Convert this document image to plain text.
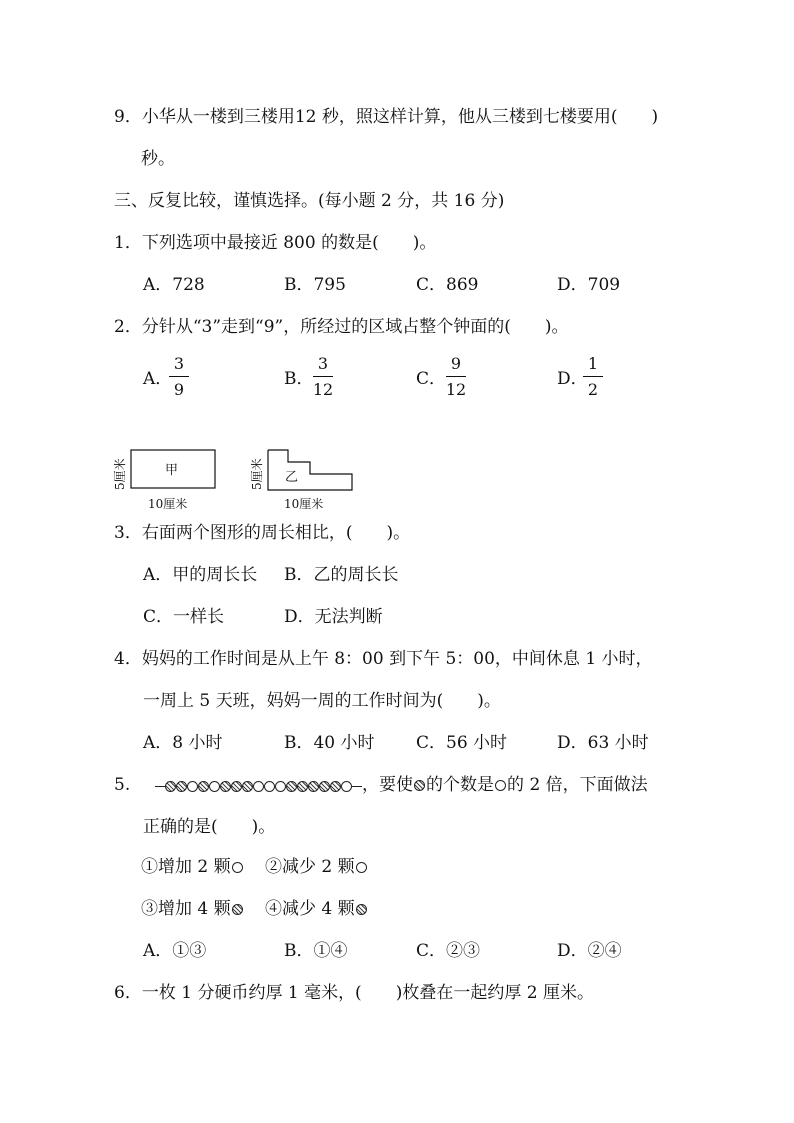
9．小华从一楼到三楼用12 秒，照这样计算，他从三楼到七楼要用(　　)
秒。
三、反复比较，谨慎选择。(每小题 2 分，共 16 分)
1．下列选项中最接近 800 的数是(　　)。
A．728	B．795	C．869	D．709
2．分针从“3”走到“9”，所经过的区域占整个钟面的(　　)。
A．
3
9
B．
3
12
C．
9
12
D．
1
2
甲
5厘米
10厘米
乙
5厘米
10厘米
3．右面两个图形的周长相比，(　　)。
A．甲的周长长 B．乙的周长长
C．一样长	D．无法判断
4．妈妈的工作时间是从上午 8：00 到下午 5：00，中间休息 1 小时，
一周上 5 天班，妈妈一周的工作时间为(　　)。
A．8 小时	B．40 小时 C．56 小时	D．63 小时
5.	，要使 的个数是 的 2 倍，下面做法
正确的是(　　)。
①增加 2 颗	②减少 2 颗
③增加 4 颗	④减少 4 颗
A．①③	B．①④	C．②③	D．②④
6．一枚 1 分硬币约厚 1 毫米，(　　)枚叠在一起约厚 2 厘米。
